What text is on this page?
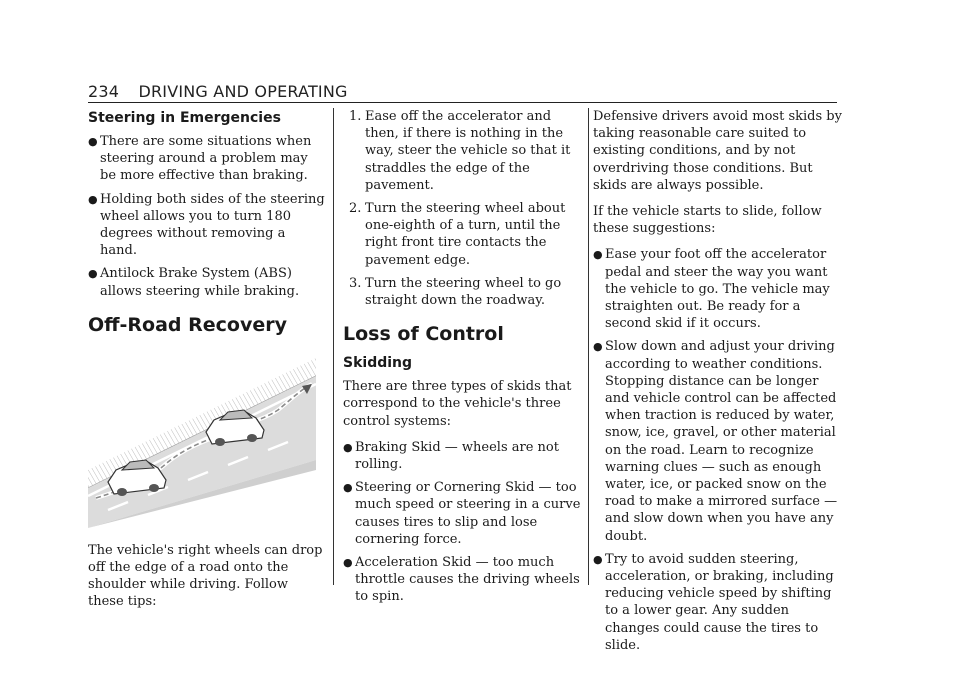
234 DRIVING AND OPERATING
Steering in Emergencies
● There are some situations when steering around a problem may be more effective than braking.
● Holding both sides of the steering wheel allows you to turn 180 degrees without removing a hand.
● Antilock Brake System (ABS) allows steering while braking.
Off-Road Recovery

The vehicle's right wheels can drop off the edge of a road onto the shoulder while driving. Follow these tips:

1. Ease off the accelerator and then, if there is nothing in the way, steer the vehicle so that it straddles the edge of the pavement.
2. Turn the steering wheel about one-eighth of a turn, until the right front tire contacts the pavement edge.
3. Turn the steering wheel to go straight down the roadway.
Loss of Control
Skidding

There are three types of skids that correspond to the vehicle's three control systems:

● Braking Skid — wheels are not rolling.
● Steering or Cornering Skid — too much speed or steering in a curve causes tires to slip and lose cornering force.
● Acceleration Skid — too much throttle causes the driving wheels to spin.

Defensive drivers avoid most skids by taking reasonable care suited to existing conditions, and by not overdriving those conditions. But skids are always possible.

If the vehicle starts to slide, follow these suggestions:

● Ease your foot off the accelerator pedal and steer the way you want the vehicle to go. The vehicle may straighten out. Be ready for a second skid if it occurs.
● Slow down and adjust your driving according to weather conditions. Stopping distance can be longer and vehicle control can be affected when traction is reduced by water, snow, ice, gravel, or other material on the road. Learn to recognize warning clues — such as enough water, ice, or packed snow on the road to make a mirrored surface — and slow down when you have any doubt.
● Try to avoid sudden steering, acceleration, or braking, including reducing vehicle speed by shifting to a lower gear. Any sudden changes could cause the tires to slide.
